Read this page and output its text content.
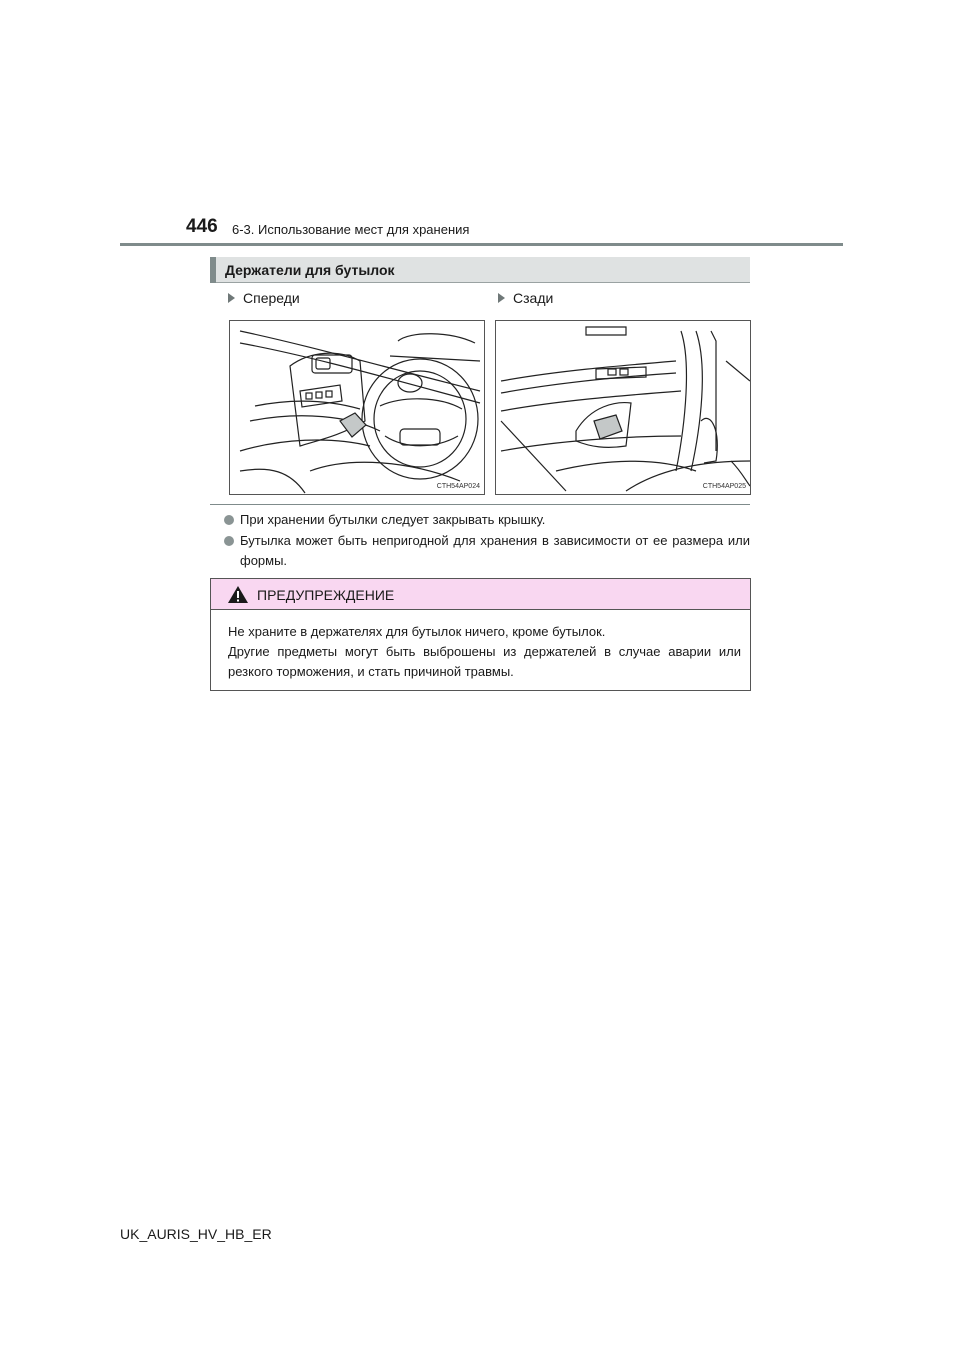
446 6-3. Использование мест для хранения
Держатели для бутылок
Спереди	Сзади
CTH54AP024	CTH54AP025
При хранении бутылки следует закрывать крышку.
Бутылка может быть непригодной для хранения в зависимости от ее размера или формы.
ПРЕДУПРЕЖДЕНИЕ

Не храните в держателях для бутылок ничего, кроме бутылок.

Другие предметы могут быть выброшены из держателей в случае аварии или резкого торможения, и стать причиной травмы.

UK_AURIS_HV_HB_ER
